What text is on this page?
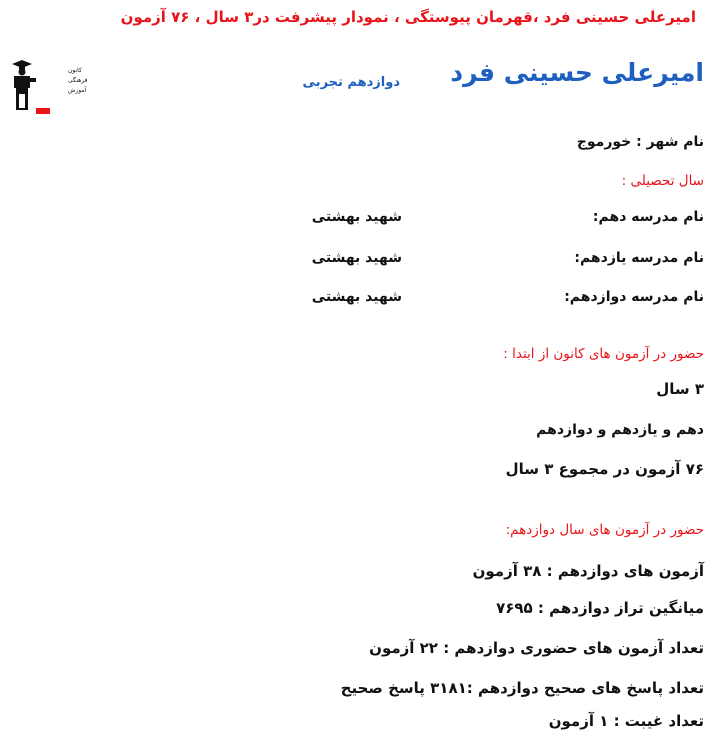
امیرعلی حسینی فرد ،قهرمان پیوستگی ، نمودار پیشرفت در۳ سال ، ۷۶ آزمون
امیرعلی حسینی فرد
دوازدهم تجربی
کانون
فرهنگی
آموزش
قلم چی
نام شهر : خورموج
سال تحصیلی :
نام مدرسه دهم:
شهید بهشتی
نام مدرسه یازدهم:
شهید بهشتی
نام مدرسه دوازدهم:
شهید بهشتی
حضور در آزمون های کانون از ابتدا :
۳ سال
دهم و یازدهم و دوازدهم
۷۶ آزمون در مجموع ۳ سال
حضور در آزمون های سال دوازدهم:
آزمون های دوازدهم : ۳۸ آزمون
میانگین تراز دوازدهم : ۷۶۹۵
تعداد آزمون های حضوری دوازدهم : ۲۲ آزمون
تعداد پاسخ های صحیح دوازدهم :۳۱۸۱ پاسخ صحیح
تعداد غیبت : ۱ آزمون
